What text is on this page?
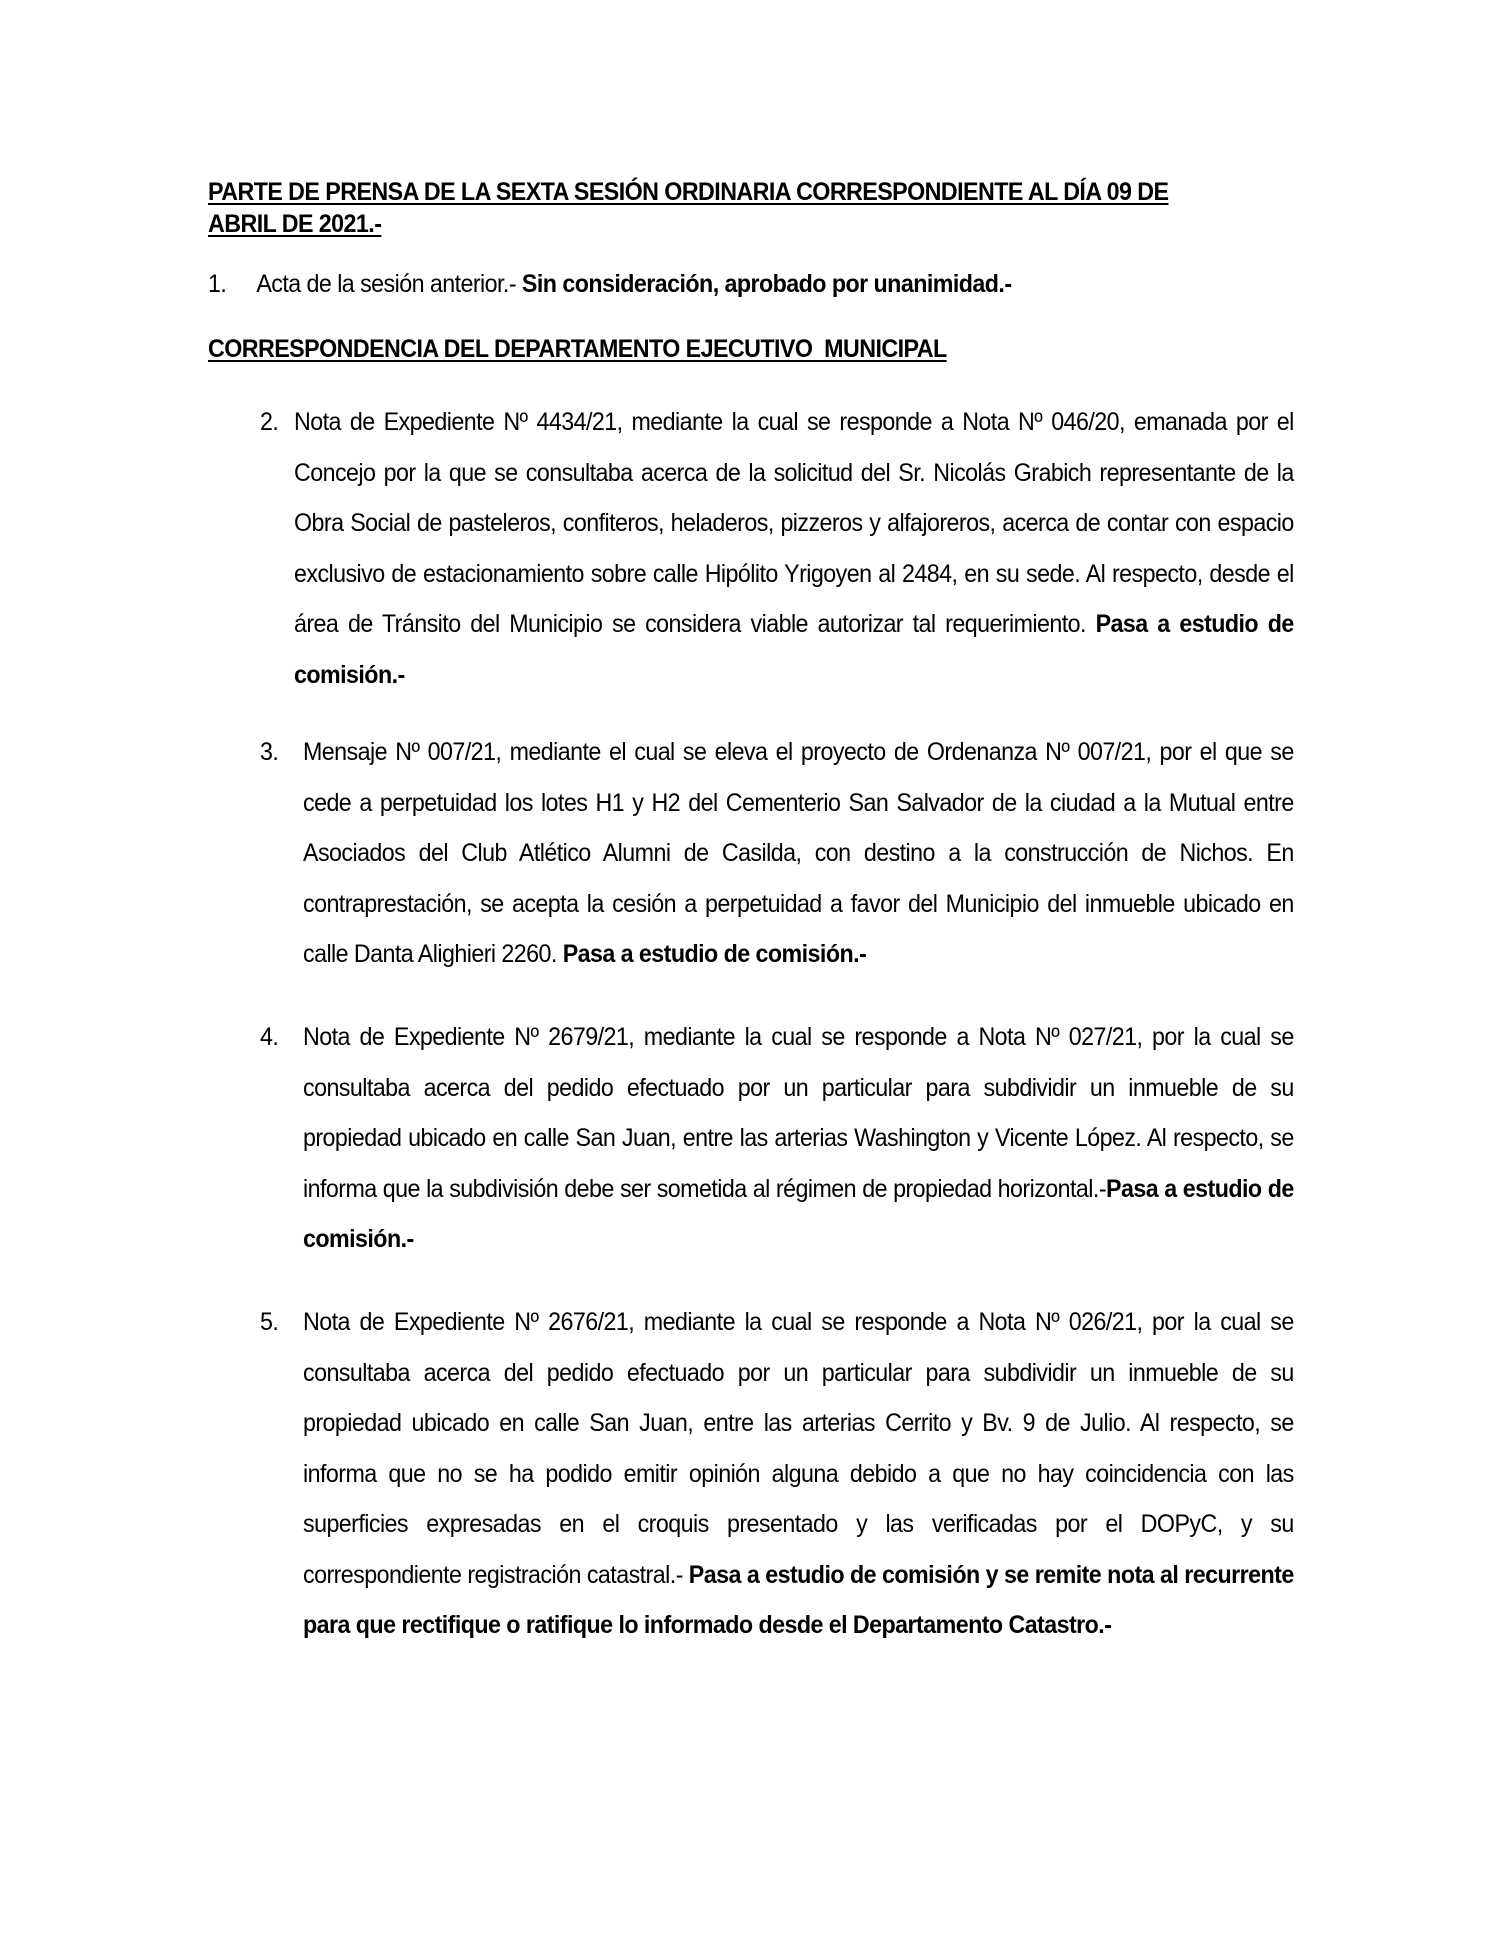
PARTE DE PRENSA DE LA SEXTA SESIÓN ORDINARIA CORRESPONDIENTE AL DÍA 09 DE ABRIL DE 2021.-
1. Acta de la sesión anterior.- Sin consideración, aprobado por unanimidad.-
CORRESPONDENCIA DEL DEPARTAMENTO EJECUTIVO  MUNICIPAL
2. Nota de Expediente Nº 4434/21, mediante la cual se responde a Nota Nº 046/20, emanada por el Concejo por la que se consultaba acerca de la solicitud del Sr. Nicolás Grabich representante de la Obra Social de pasteleros, confiteros, heladeros, pizzeros y alfajoreros, acerca de contar con espacio exclusivo de estacionamiento sobre calle Hipólito Yrigoyen al 2484, en su sede. Al respecto, desde el área de Tránsito del Municipio se considera viable autorizar tal requerimiento. Pasa a estudio de comisión.-
3. Mensaje Nº 007/21, mediante el cual se eleva el proyecto de Ordenanza Nº 007/21, por el que se cede a perpetuidad los lotes H1 y H2 del Cementerio San Salvador de la ciudad a la Mutual entre Asociados del Club Atlético Alumni de Casilda, con destino a la construcción de Nichos. En contraprestación, se acepta la cesión a perpetuidad a favor del Municipio del inmueble ubicado en calle Danta Alighieri 2260. Pasa a estudio de comisión.-
4. Nota de Expediente Nº 2679/21, mediante la cual se responde a Nota Nº 027/21, por la cual se consultaba acerca del pedido efectuado por un particular para subdividir un inmueble de su propiedad ubicado en calle San Juan, entre las arterias Washington y Vicente López. Al respecto, se informa que la subdivisión debe ser sometida al régimen de propiedad horizontal.-Pasa a estudio de comisión.-
5. Nota de Expediente Nº 2676/21, mediante la cual se responde a Nota Nº 026/21, por la cual se consultaba acerca del pedido efectuado por un particular para subdividir un inmueble de su propiedad ubicado en calle San Juan, entre las arterias Cerrito y Bv. 9 de Julio. Al respecto, se informa que no se ha podido emitir opinión alguna debido a que no hay coincidencia con las superficies expresadas en el croquis presentado y las verificadas por el DOPyC, y su correspondiente registración catastral.- Pasa a estudio de comisión y se remite nota al recurrente para que rectifique o ratifique lo informado desde el Departamento Catastro.-
